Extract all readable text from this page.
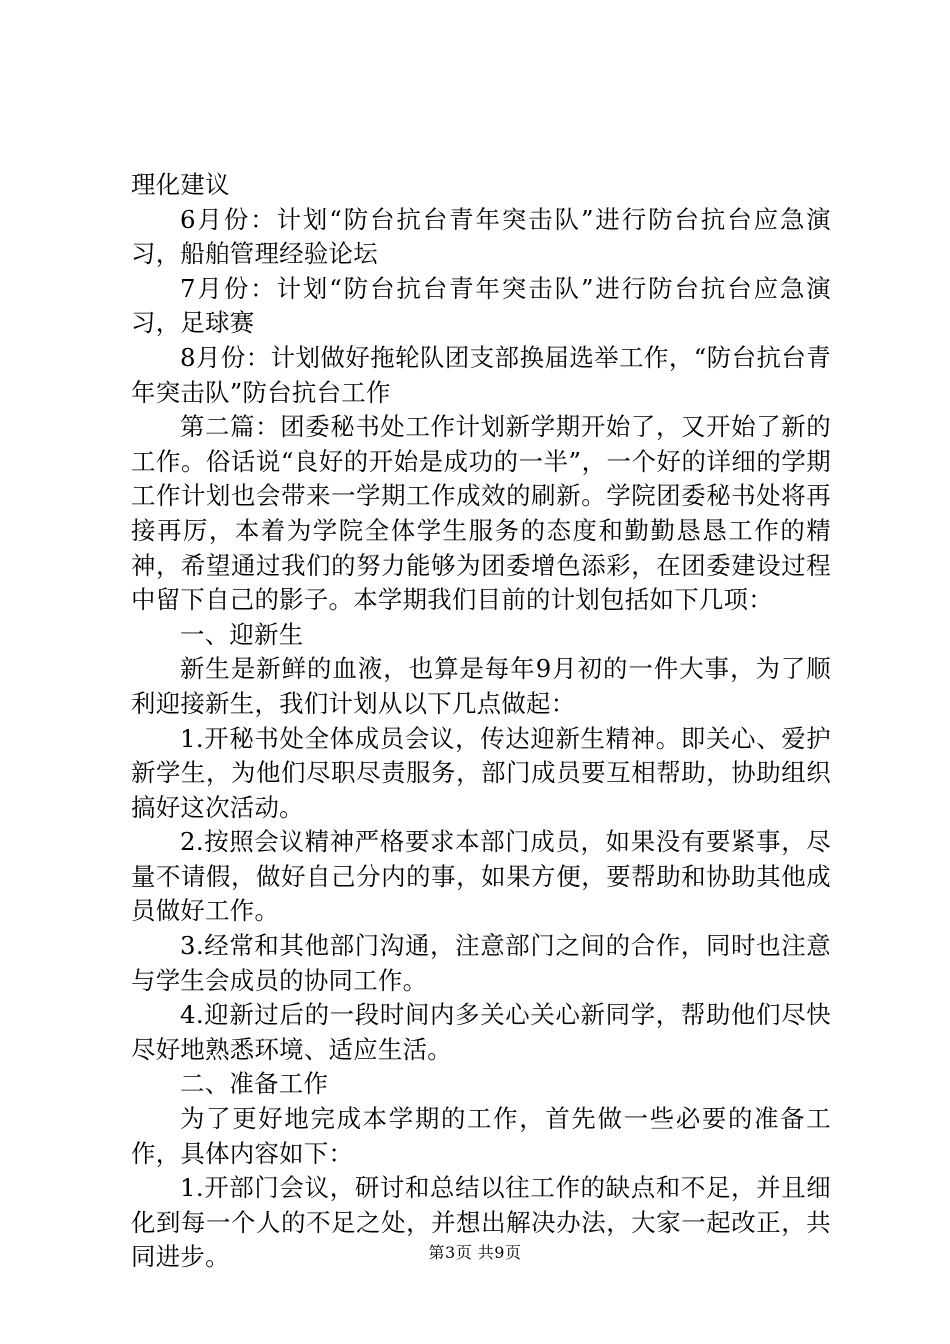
理化建议

6月份：计划“防台抗台青年突击队”进行防台抗台应急演习，船舶管理经验论坛

7月份：计划“防台抗台青年突击队”进行防台抗台应急演习，足球赛

8月份：计划做好拖轮队团支部换届选举工作，“防台抗台青年突击队”防台抗台工作

第二篇：团委秘书处工作计划新学期开始了，又开始了新的工作。俗话说“良好的开始是成功的一半”，一个好的详细的学期工作计划也会带来一学期工作成效的刷新。学院团委秘书处将再接再厉，本着为学院全体学生服务的态度和勤勤恳恳工作的精神，希望通过我们的努力能够为团委增色添彩，在团委建设过程中留下自己的影子。本学期我们目前的计划包括如下几项：

一、迎新生

新生是新鲜的血液，也算是每年9月初的一件大事，为了顺利迎接新生，我们计划从以下几点做起：

1.开秘书处全体成员会议，传达迎新生精神。即关心、爱护新学生，为他们尽职尽责服务，部门成员要互相帮助，协助组织搞好这次活动。

2.按照会议精神严格要求本部门成员，如果没有要紧事，尽量不请假，做好自己分内的事，如果方便，要帮助和协助其他成员做好工作。

3.经常和其他部门沟通，注意部门之间的合作，同时也注意与学生会成员的协同工作。

4.迎新过后的一段时间内多关心关心新同学，帮助他们尽快尽好地熟悉环境、适应生活。

二、准备工作

为了更好地完成本学期的工作，首先做一些必要的准备工作，具体内容如下：

1.开部门会议，研讨和总结以往工作的缺点和不足，并且细化到每一个人的不足之处，并想出解决办法，大家一起改正，共同进步。	第3页 共9页
